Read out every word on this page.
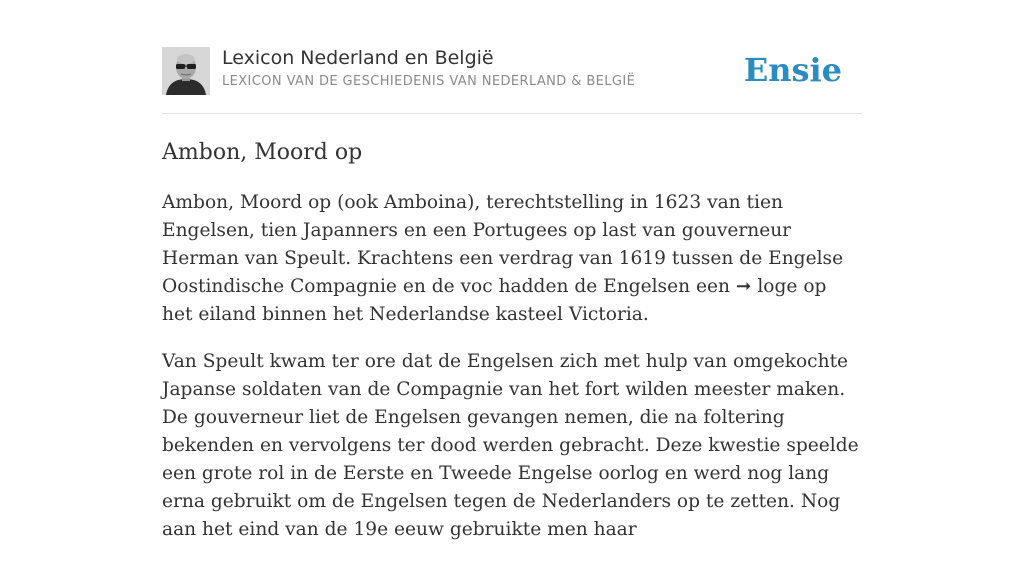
Lexicon Nederland en België
LEXICON VAN DE GESCHIEDENIS VAN NEDERLAND & BELGIË	Ensie
Ambon, Moord op

Ambon, Moord op (ook Amboina), terechtstelling in 1623 van tien Engelsen, tien Japanners en een Portugees op last van gouverneur Herman van Speult. Krachtens een verdrag van 1619 tussen de Engelse Oostindische Compagnie en de voc hadden de Engelsen een ➞ loge op het eiland binnen het Nederlandse kasteel Victoria.

Van Speult kwam ter ore dat de Engelsen zich met hulp van omgekochte Japanse soldaten van de Compagnie van het fort wilden meester maken. De gouverneur liet de Engelsen gevangen nemen, die na foltering bekenden en vervolgens ter dood werden gebracht. Deze kwestie speelde een grote rol in de Eerste en Tweede Engelse oorlog en werd nog lang erna gebruikt om de Engelsen tegen de Nederlanders op te zetten. Nog aan het eind van de 19e eeuw gebruikte men haar
